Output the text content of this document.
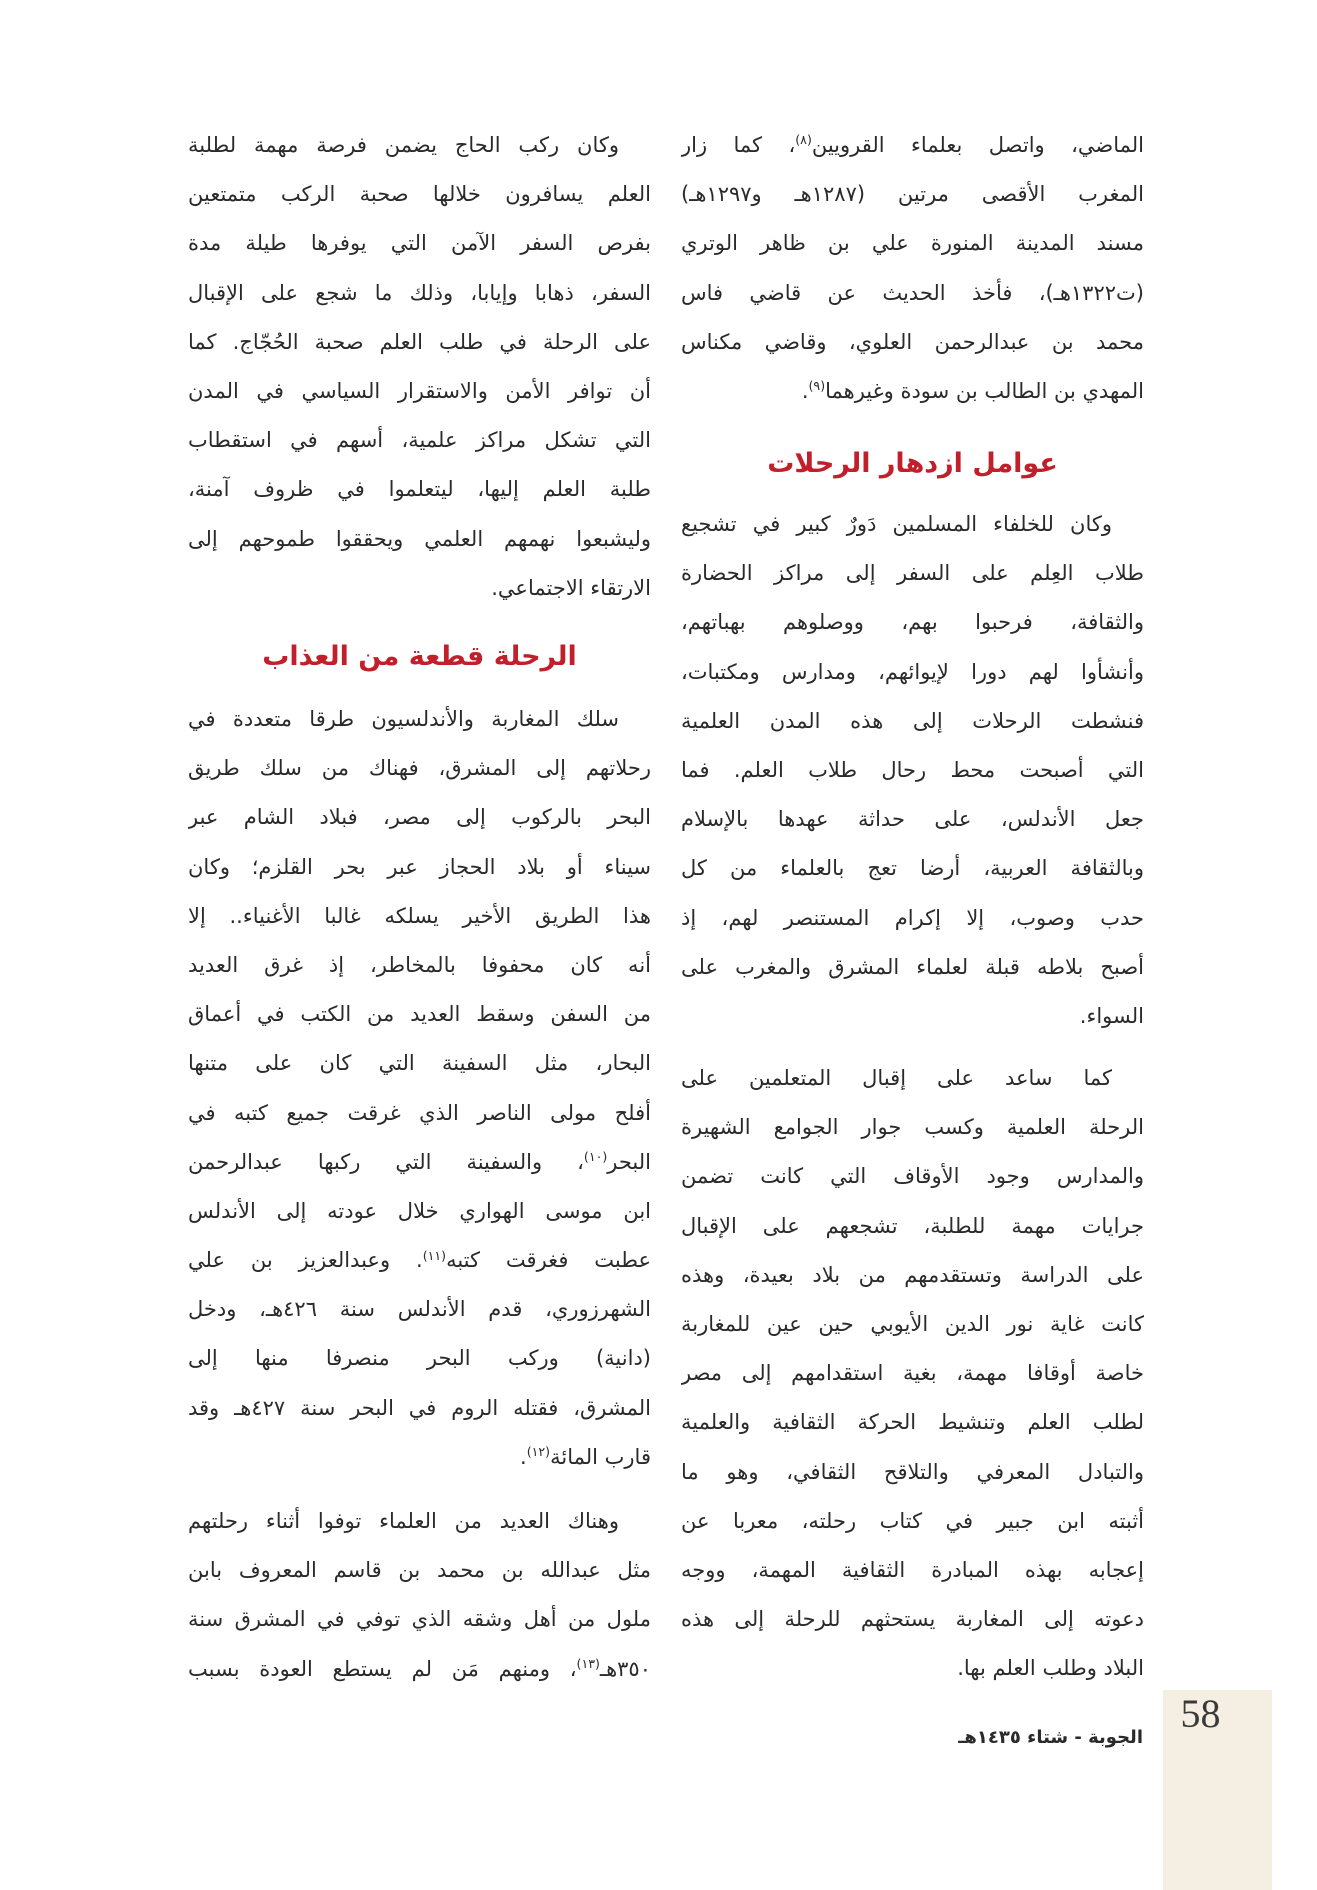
الماضي، واتصل بعلماء القرويين$^{(٨)}$، كما زار
المغرب الأقصى مرتين (١٢٨٧هـ و١٢٩٧هـ)
مسند المدينة المنورة علي بن ظاهر الوتري
(ت١٣٢٢هـ)، فأخذ الحديث عن قاضي فاس
محمد بن عبدالرحمن العلوي، وقاضي مكناس
المهدي بن الطالب بن سودة وغيرهما$^{(٩)}$.
عوامل ازدهار الرحلات
وكان للخلفاء المسلمين دَورٌ كبير في تشجيع
طلاب العِلم على السفر إلى مراكز الحضارة
والثقافة، فرحبوا بهم، ووصلوهم بهباتهم،
وأنشأوا لهم دورا لإيوائهم، ومدارس ومكتبات،
فنشطت الرحلات إلى هذه المدن العلمية
التي أصبحت محط رحال طلاب العلم. فما
جعل الأندلس، على حداثة عهدها بالإسلام
وبالثقافة العربية، أرضا تعج بالعلماء من كل
حدب وصوب، إلا إكرام المستنصر لهم، إذ
أصبح بلاطه قبلة لعلماء المشرق والمغرب على
السواء.
كما ساعد على إقبال المتعلمين على
الرحلة العلمية وكسب جوار الجوامع الشهيرة
والمدارس وجود الأوقاف التي كانت تضمن
جرايات مهمة للطلبة، تشجعهم على الإقبال
على الدراسة وتستقدمهم من بلاد بعيدة، وهذه
كانت غاية نور الدين الأيوبي حين عين للمغاربة
خاصة أوقافا مهمة، بغية استقدامهم إلى مصر
لطلب العلم وتنشيط الحركة الثقافية والعلمية
والتبادل المعرفي والتلاقح الثقافي، وهو ما
أثبته ابن جبير في كتاب رحلته، معربا عن
إعجابه بهذه المبادرة الثقافية المهمة، ووجه
دعوته إلى المغاربة يستحثهم للرحلة إلى هذه
البلاد وطلب العلم بها.
وكان ركب الحاج يضمن فرصة مهمة لطلبة
العلم يسافرون خلالها صحبة الركب متمتعين
بفرص السفر الآمن التي يوفرها طيلة مدة
السفر، ذهابا وإيابا، وذلك ما شجع على الإقبال
على الرحلة في طلب العلم صحبة الحُجّاج. كما
أن توافر الأمن والاستقرار السياسي في المدن
التي تشكل مراكز علمية، أسهم في استقطاب
طلبة العلم إليها، ليتعلموا في ظروف آمنة،
وليشبعوا نهمهم العلمي ويحققوا طموحهم إلى
الارتقاء الاجتماعي.
الرحلة قطعة من العذاب
سلك المغاربة والأندلسيون طرقا متعددة في
رحلاتهم إلى المشرق، فهناك من سلك طريق
البحر بالركوب إلى مصر، فبلاد الشام عبر
سيناء أو بلاد الحجاز عبر بحر القلزم؛ وكان
هذا الطريق الأخير يسلكه غالبا الأغنياء.. إلا
أنه كان محفوفا بالمخاطر، إذ غرق العديد
من السفن وسقط العديد من الكتب في أعماق
البحار، مثل السفينة التي كان على متنها
أفلح مولى الناصر الذي غرقت جميع كتبه في
البحر$^{(١٠)}$، والسفينة التي ركبها عبدالرحمن
ابن موسى الهواري خلال عودته إلى الأندلس
عطبت فغرقت كتبه$^{(١١)}$. وعبدالعزيز بن علي
الشهرزوري، قدم الأندلس سنة ٤٢٦هـ، ودخل
(دانية) وركب البحر منصرفا منها إلى
المشرق، فقتله الروم في البحر سنة ٤٢٧هـ وقد
قارب المائة$^{(١٢)}$.
وهناك العديد من العلماء توفوا أثناء رحلتهم
مثل عبدالله بن محمد بن قاسم المعروف بابن
ملول من أهل وشقه الذي توفي في المشرق سنة
٣٥٠هـ$^{(١٣)}$، ومنهم مَن لم يستطع العودة بسبب
الجوبة - شتاء ١٤٣٥هـ
58
